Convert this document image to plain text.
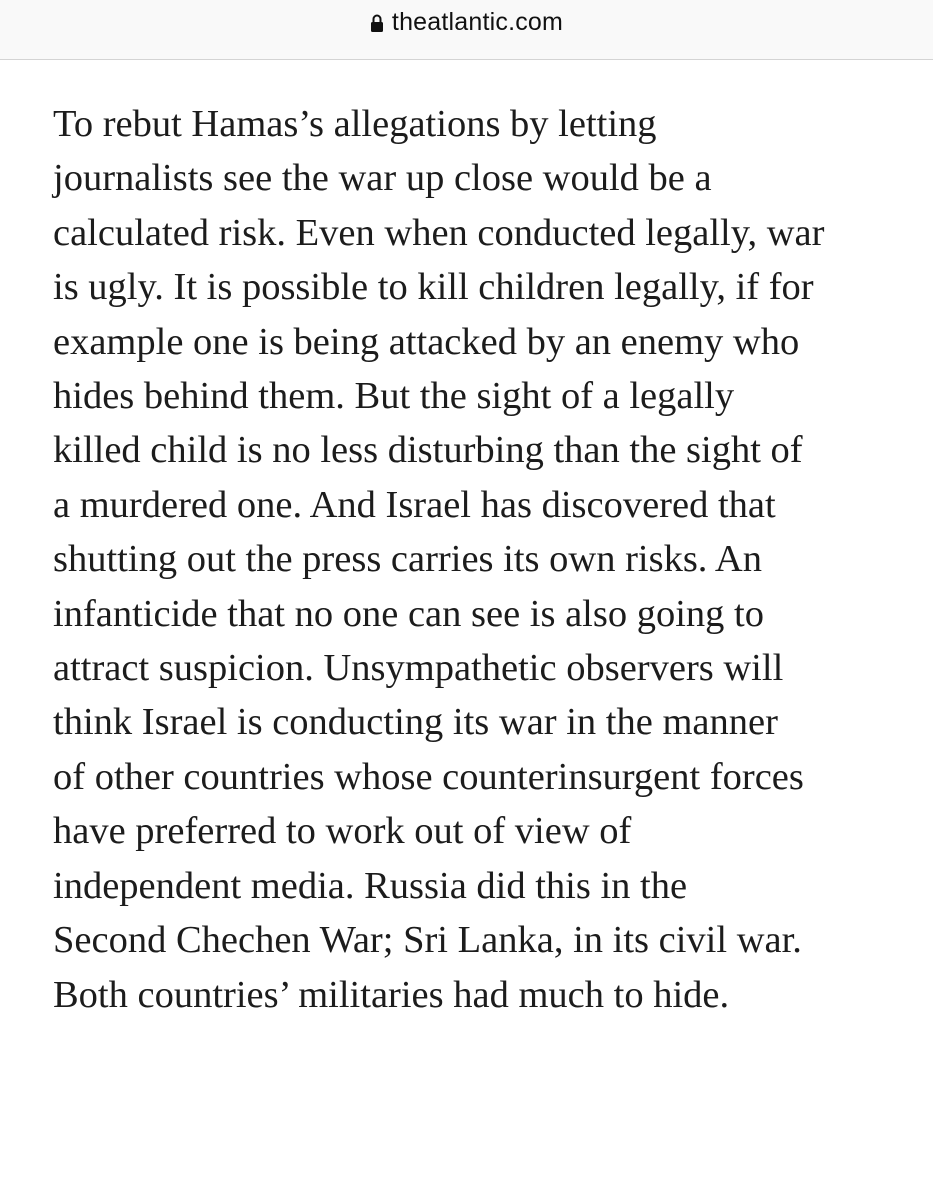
theatlantic.com

To rebut Hamas’s allegations by letting
journalists see the war up close would be a
calculated risk. Even when conducted legally, war
is ugly. It is possible to kill children legally, if for
example one is being attacked by an enemy who
hides behind them. But the sight of a legally
killed child is no less disturbing than the sight of
a murdered one. And Israel has discovered that
shutting out the press carries its own risks. An
infanticide that no one can see is also going to
attract suspicion. Unsympathetic observers will
think Israel is conducting its war in the manner
of other countries whose counterinsurgent forces
have preferred to work out of view of
independent media. Russia did this in the
Second Chechen War; Sri Lanka, in its civil war.
Both countries’ militaries had much to hide.
